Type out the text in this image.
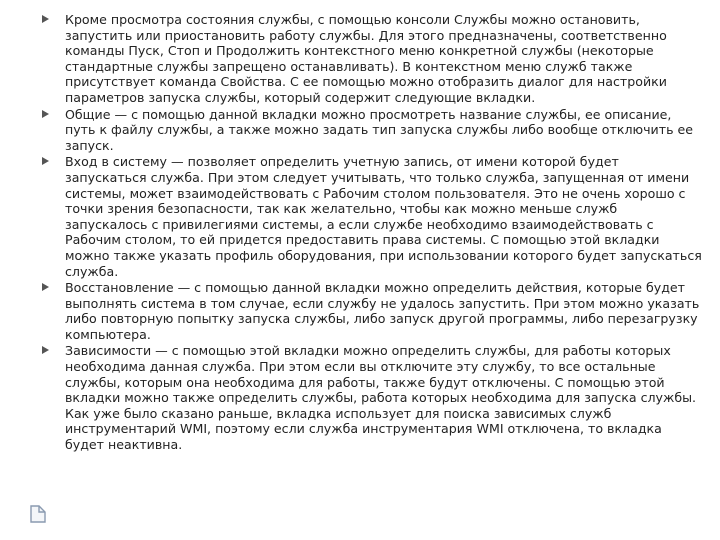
Кроме просмотра состояния службы, с помощью консоли Службы можно остановить, запустить или приостановить работу службы. Для этого предназначены, соответственно команды Пуск, Стоп и Продолжить контекстного меню конкретной службы (некоторые стандартные службы запрещено останавливать). В контекстном меню служб также присутствует команда Свойства. С ее помощью можно отобразить диалог для настройки параметров запуска службы, который содержит следующие вкладки.
Общие — с помощью данной вкладки можно просмотреть название службы, ее описание, путь к файлу службы, а также можно задать тип запуска службы либо вообще отключить ее запуск.
Вход в систему — позволяет определить учетную запись, от имени которой будет запускаться служба. При этом следует учитывать, что только служба, запущенная от имени системы, может взаимодействовать с Рабочим столом пользователя. Это не очень хорошо с точки зрения безопасности, так как желательно, чтобы как можно меньше служб запускалось с привилегиями системы, а если службе необходимо взаимодействовать с Рабочим столом, то ей придется предоставить права системы. С помощью этой вкладки можно также указать профиль оборудования, при использовании которого будет запускаться служба.
Восстановление — с помощью данной вкладки можно определить действия, которые будет выполнять система в том случае, если службу не удалось запустить. При этом можно указать либо повторную попытку запуска службы, либо запуск другой программы, либо перезагрузку компьютера.
Зависимости — с помощью этой вкладки можно определить службы, для работы которых необходима данная служба. При этом если вы отключите эту службу, то все остальные службы, которым она необходима для работы, также будут отключены. С помощью этой вкладки можно также определить службы, работа которых необходима для запуска службы. Как уже было сказано раньше, вкладка использует для поиска зависимых служб инструментарий WMI, поэтому если служба инструментария WMI отключена, то вкладка будет неактивна.
